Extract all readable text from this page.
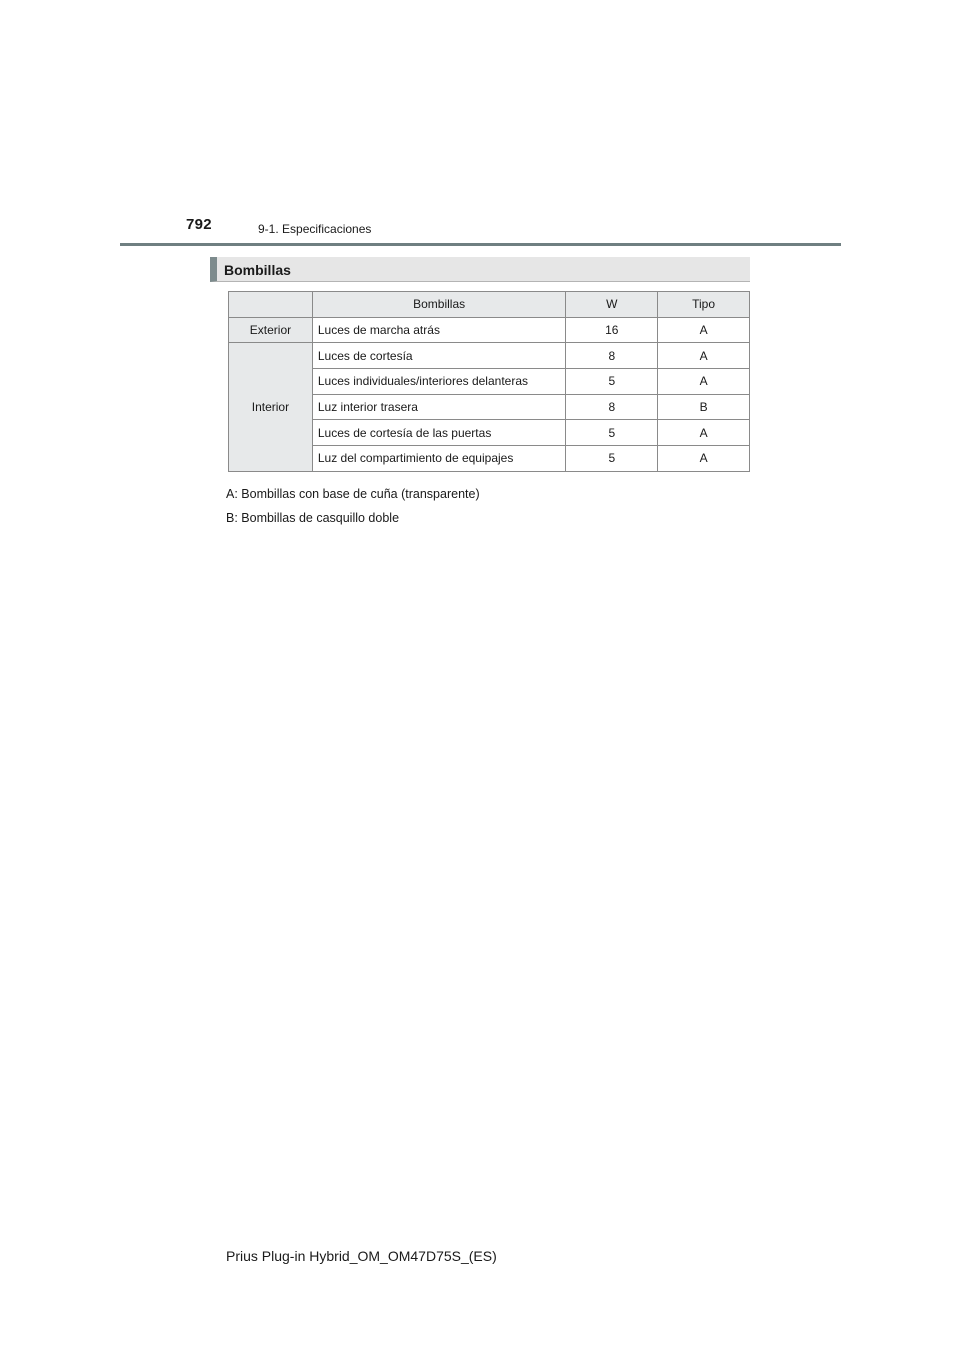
792	9-1. Especificaciones
Bombillas
	Bombillas	W	Tipo
Exterior	Luces de marcha atrás	16	A
Interior	Luces de cortesía	8	A
	Luces individuales/interiores delanteras	5	A
	Luz interior trasera	8	B
	Luces de cortesía de las puertas	5	A
	Luz del compartimiento de equipajes	5	A
A: Bombillas con base de cuña (transparente)
B: Bombillas de casquillo doble
Prius Plug-in Hybrid_OM_OM47D75S_(ES)
